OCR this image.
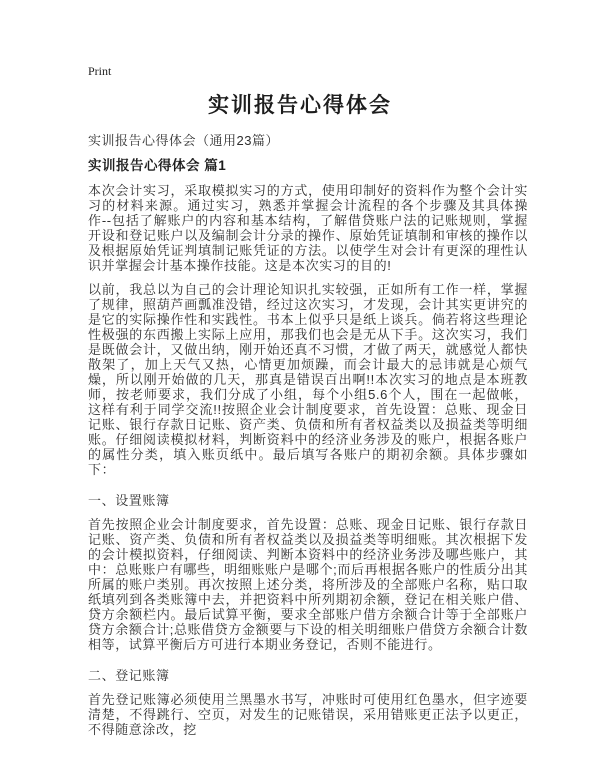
Print
实训报告心得体会
实训报告心得体会（通用23篇）
实训报告心得体会 篇1

本次会计实习，采取模拟实习的方式，使用印制好的资料作为整个会计实习的材料来源。通过实习，熟悉并掌握会计流程的各个步骤及其具体操作--包括了解账户的内容和基本结构，了解借贷账户法的记账规则，掌握开设和登记账户以及编制会计分录的操作、原始凭证填制和审核的操作以及根据原始凭证判填制记账凭证的方法。以使学生对会计有更深的理性认识并掌握会计基本操作技能。这是本次实习的目的!

以前，我总以为自己的会计理论知识扎实较强，正如所有工作一样，掌握了规律，照葫芦画瓢准没错，经过这次实习，才发现，会计其实更讲究的是它的实际操作性和实践性。书本上似乎只是纸上谈兵。倘若将这些理论性极强的东西搬上实际上应用，那我们也会是无从下手。这次实习，我们是既做会计，又做出纳，刚开始还真不习惯，才做了两天，就感觉人都快散架了，加上天气又热，心情更加烦躁，而会计最大的忌讳就是心烦气燥，所以刚开始做的几天，那真是错误百出啊!!本次实习的地点是本班教师，按老师要求，我们分成了小组，每个小组5.6个人，围在一起做帐，这样有利于同学交流!!按照企业会计制度要求，首先设置：总账、现金日记账、银行存款日记账、资产类、负债和所有者权益类以及损益类等明细账。仔细阅读模拟材料，判断资料中的经济业务涉及的账户，根据各账户的属性分类，填入账页纸中。最后填写各账户的期初余额。具体步骤如下：

一、设置账簿

首先按照企业会计制度要求，首先设置：总账、现金日记账、银行存款日记账、资产类、负债和所有者权益类以及损益类等明细账。其次根据下发的会计模拟资料，仔细阅读、判断本资料中的经济业务涉及哪些账户，其中：总账账户有哪些，明细账账户是哪个;而后再根据各账户的性质分出其所属的账户类别。再次按照上述分类，将所涉及的全部账户名称，贴口取纸填列到各类账簿中去，并把资料中所列期初余额，登记在相关账户借、贷方余额栏内。最后试算平衡，要求全部账户借方余额合计等于全部账户贷方余额合计;总账借贷方金额要与下设的相关明细账户借贷方余额合计数相等，试算平衡后方可进行本期业务登记，否则不能进行。

二、登记账簿

首先登记账簿必须使用兰黑墨水书写，冲账时可使用红色墨水，但字迹要清楚，不得跳行、空页，对发生的记账错误，采用错账更正法予以更正，不得随意涂改，挖
